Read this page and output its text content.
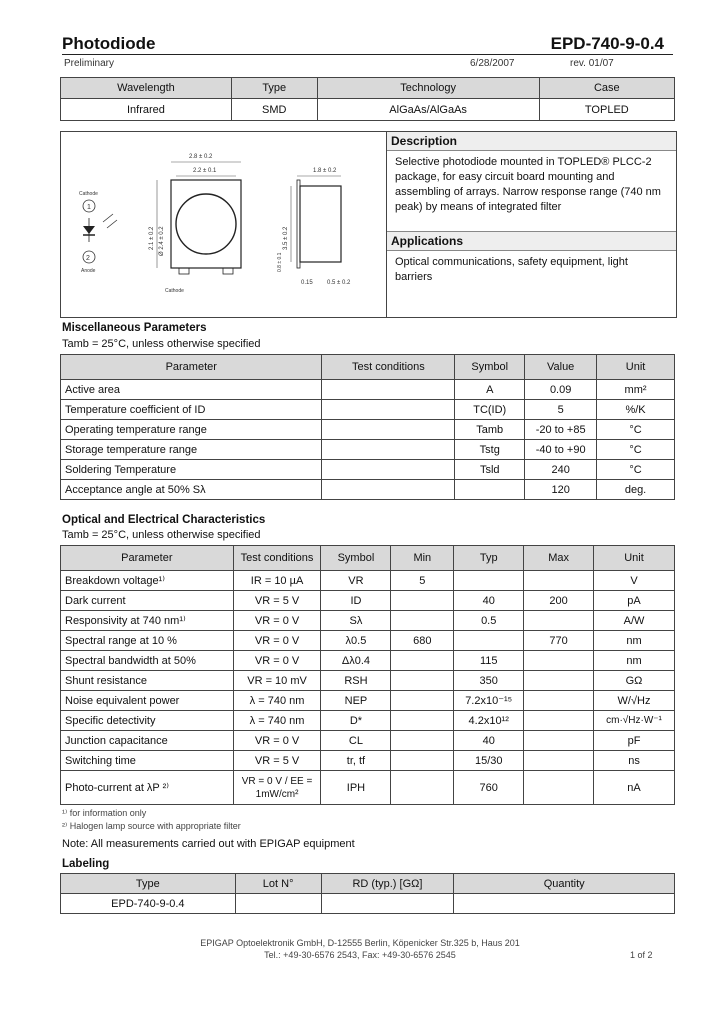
Photodiode	EPD-740-9-0.4
Preliminary	6/28/2007	rev. 01/07
Wavelength	Type	Technology	Case
Infrared	SMD	AlGaAs/AlGaAs	TOPLED
Cathode
1
2
Anode
2.8 ± 0.2
2.2 ± 0.1
2.1 ± 0.2 Ø 2.4 ± 0.2
Cathode
1.8 ± 0.2
3.5 ± 0.2
0.8 ± 0.1
0.15 0.5 ± 0.2
Description
Selective photodiode mounted in TOPLED® PLCC-2 package, for easy circuit board mounting and assembling of arrays. Narrow response range (740 nm peak) by means of integrated filter
Applications
Optical communications, safety equipment, light barriers
Miscellaneous Parameters
Tamb = 25°C, unless otherwise specified
Parameter	Test conditions	Symbol	Value	Unit
Active area		A	0.09	mm²
Temperature coefficient of ID		TC(ID)	5	%/K
Operating temperature range		Tamb	-20 to +85	°C
Storage temperature range		Tstg	-40 to +90	°C
Soldering Temperature		Tsld	240	°C
Acceptance angle at 50% Sλ			120	deg.
Optical and Electrical Characteristics
Tamb = 25°C, unless otherwise specified
Parameter	Test conditions	Symbol	Min	Typ	Max	Unit
Breakdown voltage¹⁾	IR = 10 µA	VR	5			V
Dark current	VR = 5 V	ID		40	200	pA
Responsivity at 740 nm¹⁾	VR = 0 V	Sλ		0.5		A/W
Spectral range at 10 %	VR = 0 V	λ0.5	680		770	nm
Spectral bandwidth at 50%	VR = 0 V	Δλ0.4		115		nm
Shunt resistance	VR = 10 mV	RSH		350		GΩ
Noise equivalent power	λ = 740 nm	NEP		7.2x10⁻¹⁵		W/√Hz
Specific detectivity	λ = 740 nm	D*		4.2x10¹²		cm·√Hz·W⁻¹
Junction capacitance	VR = 0 V	CL		40		pF
Switching time	VR = 5 V	tr, tf		15/30		ns
Photo-current at λP ²⁾	VR = 0 V / EE = 1mW/cm²	IPH		760		nA
¹⁾ for information only
²⁾ Halogen lamp source with appropriate filter
Note: All measurements carried out with EPIGAP equipment
Labeling
Type	Lot N°	RD (typ.) [GΩ]	Quantity
EPD-740-9-0.4			
EPIGAP Optoelektronik GmbH, D-12555 Berlin, Köpenicker Str.325 b, Haus 201
Tel.: +49-30-6576 2543, Fax: +49-30-6576 2545	1 of 2
